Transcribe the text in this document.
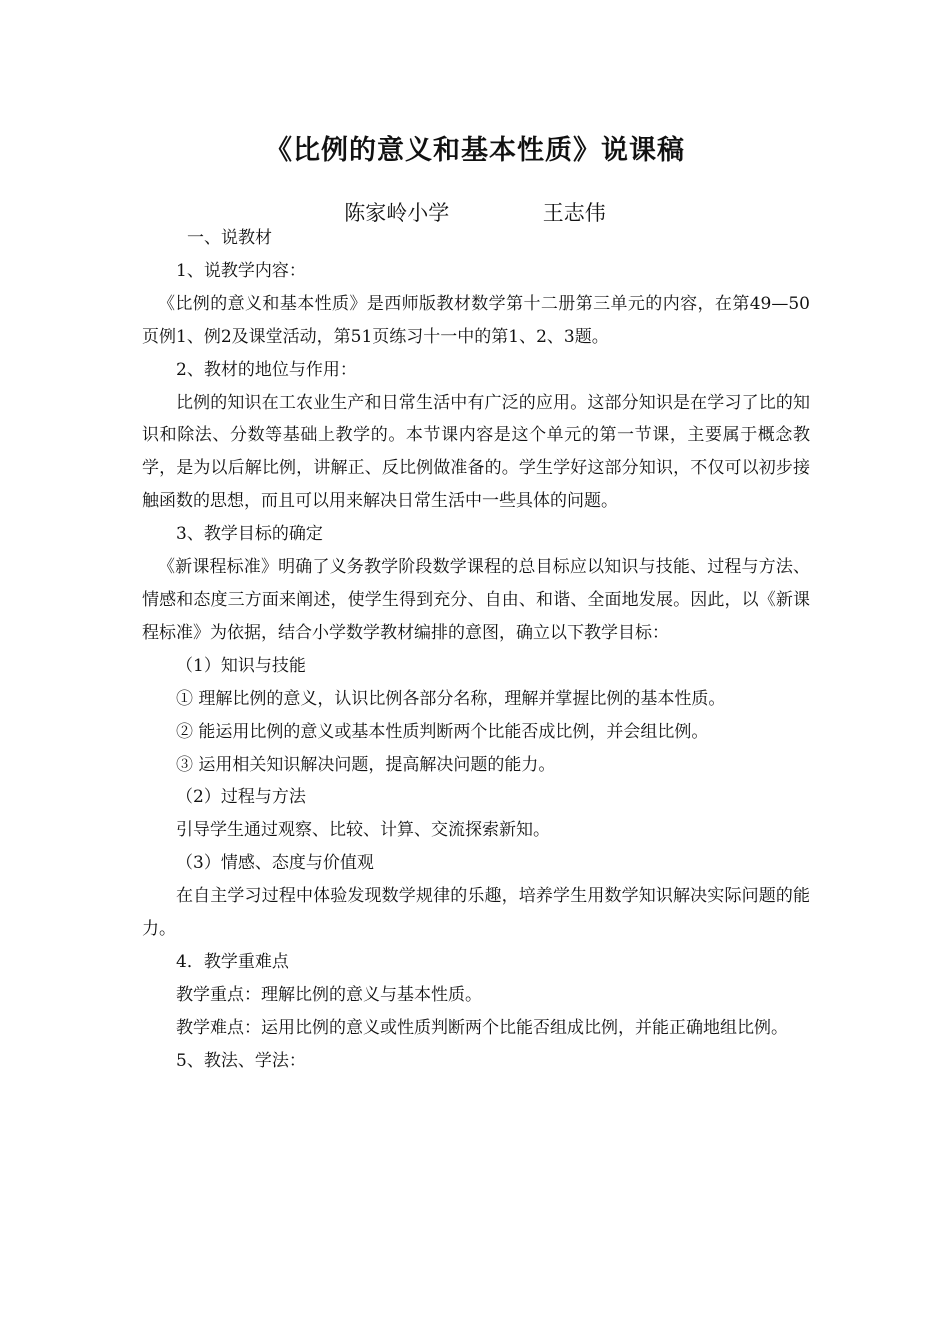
《比例的意义和基本性质》说课稿
陈家岭小学              王志伟

一、说教材

1、说教学内容：

《比例的意义和基本性质》是西师版教材数学第十二册第三单元的内容，在第49—50页例1、例2及课堂活动，第51页练习十一中的第1、2、3题。

2、教材的地位与作用：

比例的知识在工农业生产和日常生活中有广泛的应用。这部分知识是在学习了比的知识和除法、分数等基础上教学的。本节课内容是这个单元的第一节课，主要属于概念教学，是为以后解比例，讲解正、反比例做准备的。学生学好这部分知识，不仅可以初步接触函数的思想，而且可以用来解决日常生活中一些具体的问题。

3、教学目标的确定

《新课程标准》明确了义务教学阶段数学课程的总目标应以知识与技能、过程与方法、情感和态度三方面来阐述，使学生得到充分、自由、和谐、全面地发展。因此，以《新课程标准》为依据，结合小学数学教材编排的意图，确立以下教学目标：

（1）知识与技能

① 理解比例的意义，认识比例各部分名称，理解并掌握比例的基本性质。

② 能运用比例的意义或基本性质判断两个比能否成比例，并会组比例。

③ 运用相关知识解决问题，提高解决问题的能力。

（2）过程与方法

引导学生通过观察、比较、计算、交流探索新知。

（3）情感、态度与价值观

在自主学习过程中体验发现数学规律的乐趣，培养学生用数学知识解决实际问题的能力。

4．教学重难点

教学重点：理解比例的意义与基本性质。

教学难点：运用比例的意义或性质判断两个比能否组成比例，并能正确地组比例。

5、教法、学法：
